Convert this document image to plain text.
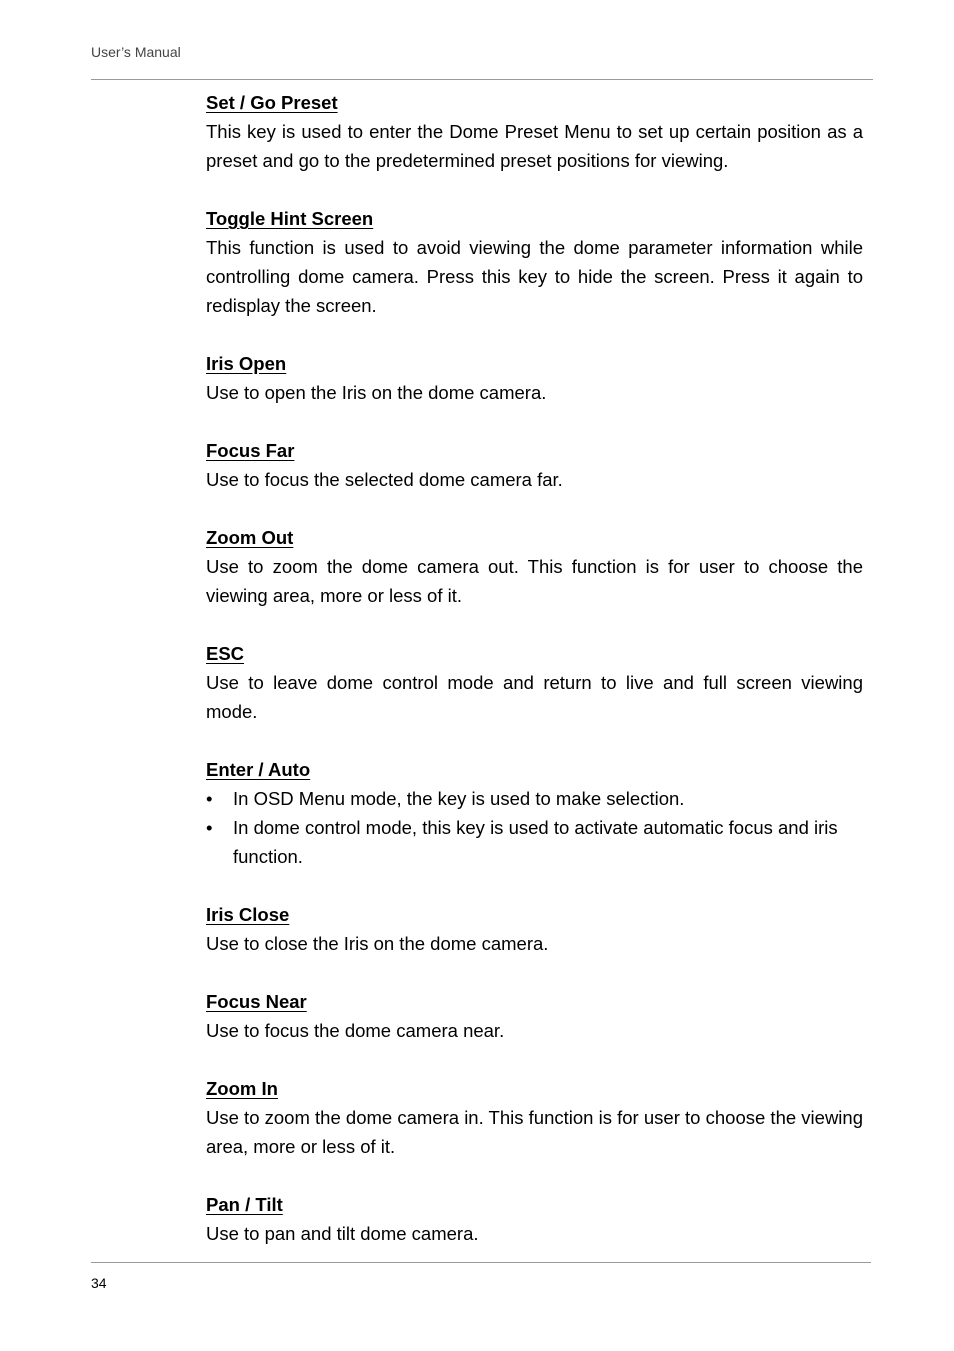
User’s Manual
Set / Go Preset

This key is used to enter the Dome Preset Menu to set up certain position as a preset and go to the predetermined preset positions for viewing.

Toggle Hint Screen

This function is used to avoid viewing the dome parameter information while controlling dome camera. Press this key to hide the screen. Press it again to redisplay the screen.

Iris Open

Use to open the Iris on the dome camera.

Focus Far

Use to focus the selected dome camera far.

Zoom Out

Use to zoom the dome camera out. This function is for user to choose the viewing area, more or less of it.

ESC

Use to leave dome control mode and return to live and full screen viewing mode.

Enter / Auto
• In OSD Menu mode, the key is used to make selection.
• In dome control mode, this key is used to activate automatic focus and iris function.
Iris Close

Use to close the Iris on the dome camera.

Focus Near

Use to focus the dome camera near.

Zoom In

Use to zoom the dome camera in. This function is for user to choose the viewing area, more or less of it.

Pan / Tilt

Use to pan and tilt dome camera.

34
